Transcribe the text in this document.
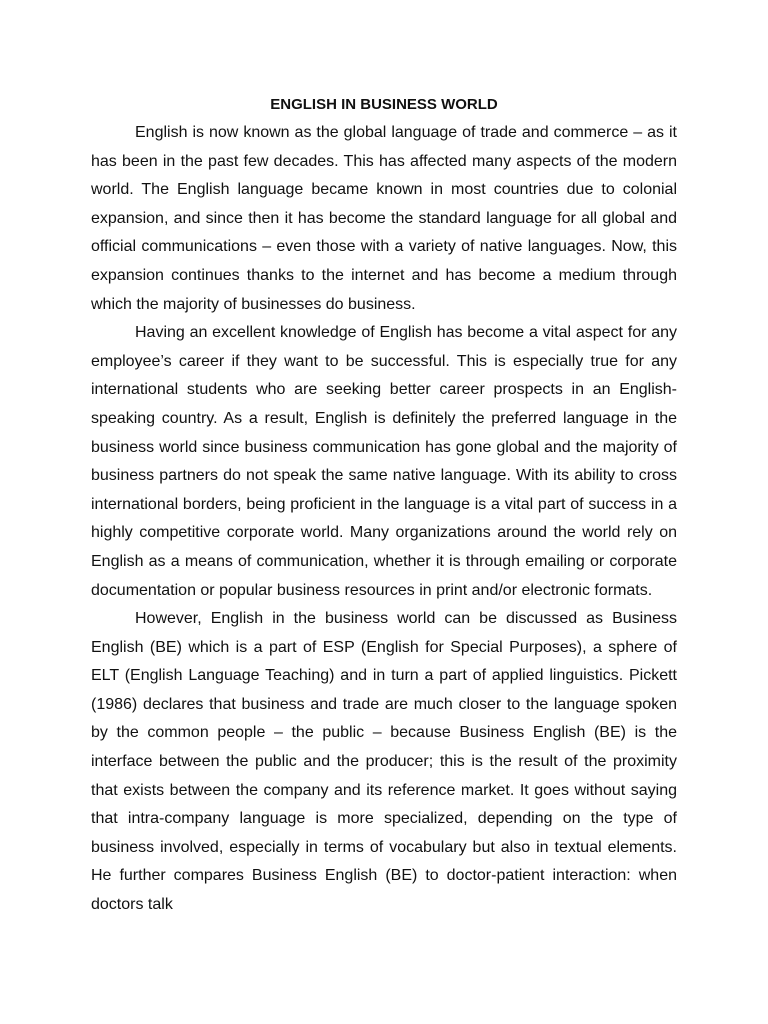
ENGLISH IN BUSINESS WORLD

English is now known as the global language of trade and commerce – as it has been in the past few decades. This has affected many aspects of the modern world. The English language became known in most countries due to colonial expansion, and since then it has become the standard language for all global and official communications – even those with a variety of native languages. Now, this expansion continues thanks to the internet and has become a medium through which the majority of businesses do business.

Having an excellent knowledge of English has become a vital aspect for any employee’s career if they want to be successful. This is especially true for any international students who are seeking better career prospects in an English-speaking country. As a result, English is definitely the preferred language in the business world since business communication has gone global and the majority of business partners do not speak the same native language. With its ability to cross international borders, being proficient in the language is a vital part of success in a highly competitive corporate world. Many organizations around the world rely on English as a means of communication, whether it is through emailing or corporate documentation or popular business resources in print and/or electronic formats.

However, English in the business world can be discussed as Business English (BE) which is a part of ESP (English for Special Purposes), a sphere of ELT (English Language Teaching) and in turn a part of applied linguistics. Pickett (1986) declares that business and trade are much closer to the language spoken by the common people – the public – because Business English (BE) is the interface between the public and the producer; this is the result of the proximity that exists between the company and its reference market. It goes without saying that intra-company language is more specialized, depending on the type of business involved, especially in terms of vocabulary but also in textual elements. He further compares Business English (BE) to doctor-patient interaction: when doctors talk
